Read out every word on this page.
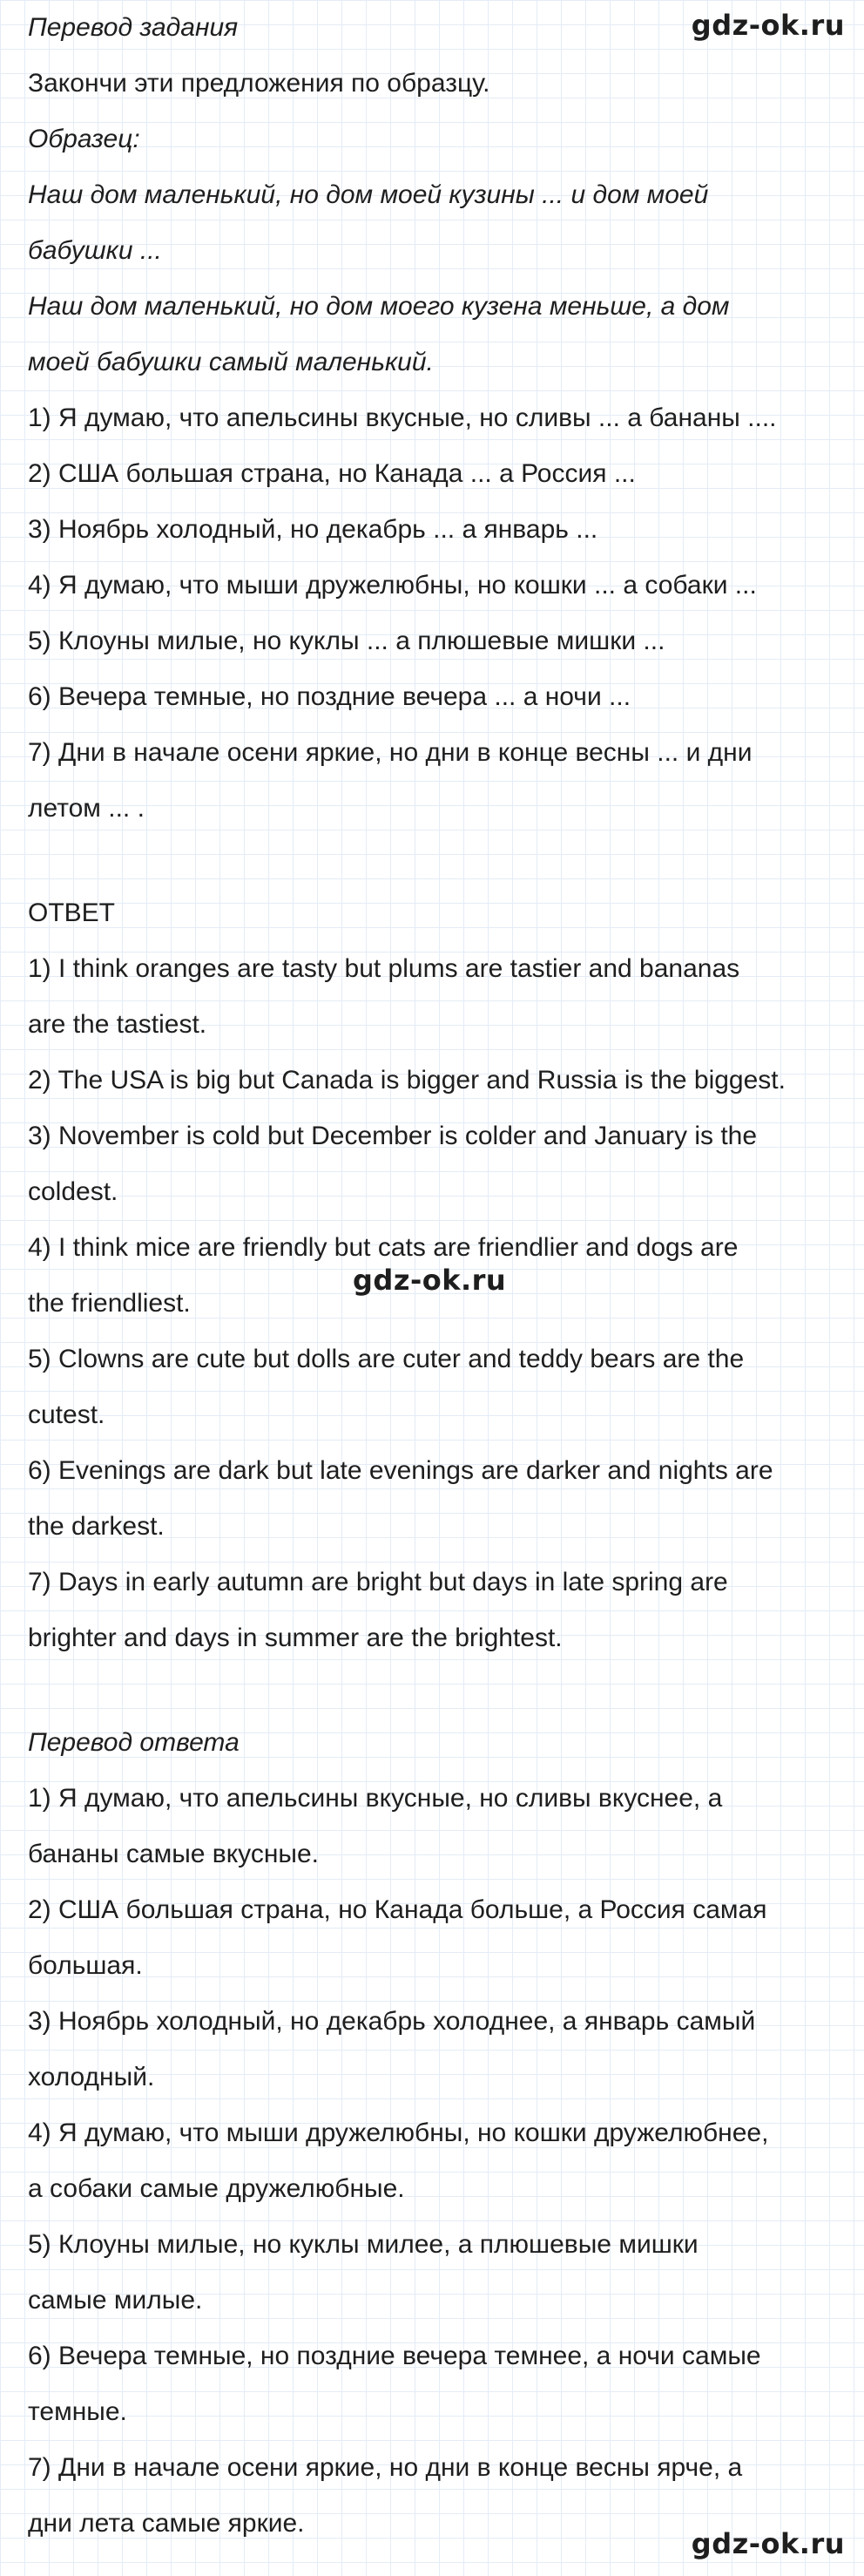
gdz-ok.ru
gdz-ok.ru
gdz-ok.ru
Перевод задания
Закончи эти предложения по образцу.
Образец:
Наш дом маленький, но дом моей кузины ... и дом моей
бабушки ...
Наш дом маленький, но дом моего кузена меньше, а дом
моей бабушки самый маленький.
1) Я думаю, что апельсины вкусные, но сливы ... а бананы ....
2) США большая страна, но Канада ... а Россия ...
3) Ноябрь холодный, но декабрь ... а январь ...
4) Я думаю, что мыши дружелюбны, но кошки ... а собаки ...
5) Клоуны милые, но куклы ... а плюшевые мишки ...
6) Вечера темные, но поздние вечера ... а ночи ...
7) Дни в начале осени яркие, но дни в конце весны ... и дни
летом ... .
ОТВЕТ
1) I think oranges are tasty but plums are tastier and bananas
are the tastiest.
2) The USA is big but Canada is bigger and Russia is the biggest.
3) November is cold but December is colder and January is the
coldest.
4) I think mice are friendly but cats are friendlier and dogs are
the friendliest.
5) Clowns are cute but dolls are cuter and teddy bears are the
cutest.
6) Evenings are dark but late evenings are darker and nights are
the darkest.
7) Days in early autumn are bright but days in late spring are
brighter and days in summer are the brightest.
Перевод ответа
1) Я думаю, что апельсины вкусные, но сливы вкуснее, а
бананы самые вкусные.
2) США большая страна, но Канада больше, а Россия самая
большая.
3) Ноябрь холодный, но декабрь холоднее, а январь самый
холодный.
4) Я думаю, что мыши дружелюбны, но кошки дружелюбнее,
а собаки самые дружелюбные.
5) Клоуны милые, но куклы милее, а плюшевые мишки
самые милые.
6) Вечера темные, но поздние вечера темнее, а ночи самые
темные.
7) Дни в начале осени яркие, но дни в конце весны ярче, а
дни лета самые яркие.
